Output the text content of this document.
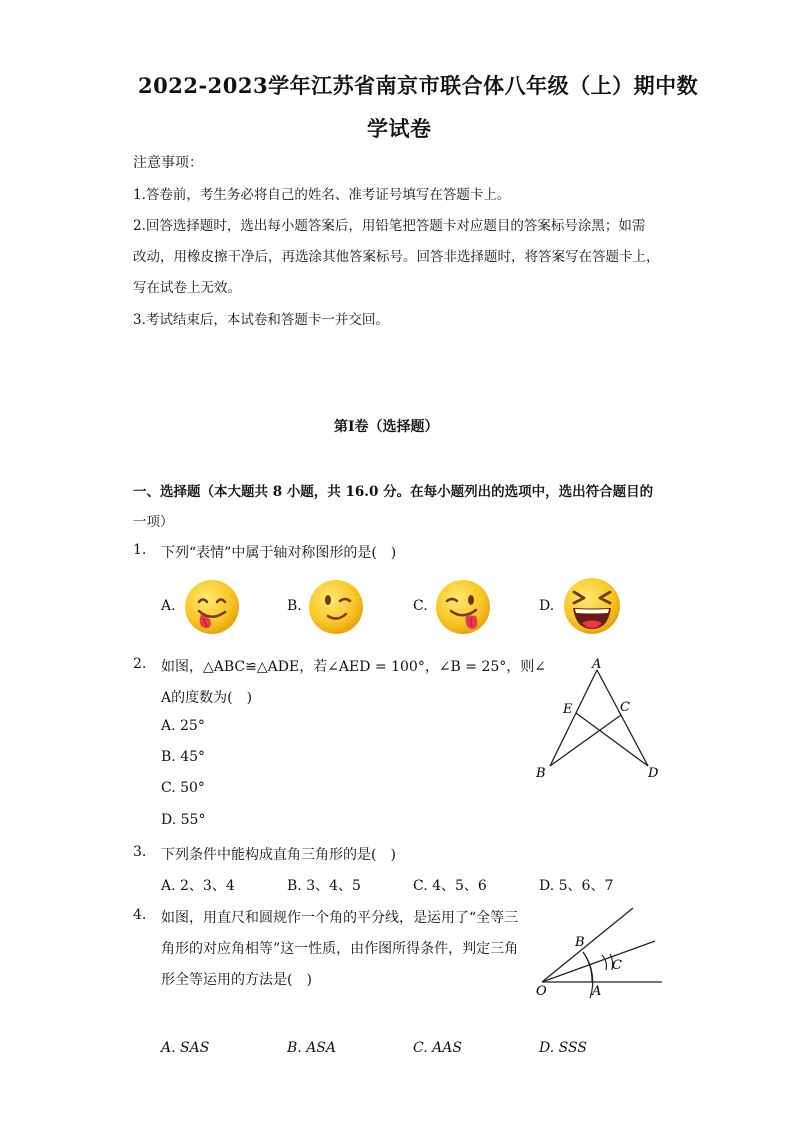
2022-2023学年江苏省南京市联合体八年级（上）期中数
学试卷
注意事项：
1.答卷前，考生务必将自己的姓名、准考证号填写在答题卡上。
2.回答选择题时，选出每小题答案后，用铅笔把答题卡对应题目的答案标号涂黑；如需
改动，用橡皮擦干净后，再选涂其他答案标号。回答非选择题时，将答案写在答题卡上，
写在试卷上无效。
3.考试结束后，本试卷和答题卡一并交回。
第Ⅰ卷（选择题）
一、选择题（本大题共 8 小题，共 16.0 分。在每小题列出的选项中，选出符合题目的
一项）
1. 下列“表情”中属于轴对称图形的是(　)
A.	B.	C.	D.
2. 如图，△ABC≌△ADE，若∠AED = 100°，∠B = 25°，则∠
A的度数为(　)
A. 25°
B. 45°
C. 50°
D. 55°
A
E	C
B	D
3. 下列条件中能构成直角三角形的是(　)
A. 2、3、4	B. 3、4、5	C. 4、5、6	D. 5、6、7
4. 如图，用直尺和圆规作一个角的平分线，是运用了“全等三
角形的对应角相等”这一性质，由作图所得条件，判定三角
形全等运用的方法是(　)
B
C
O	A
A. SAS	B. ASA	C. AAS	D. SSS
